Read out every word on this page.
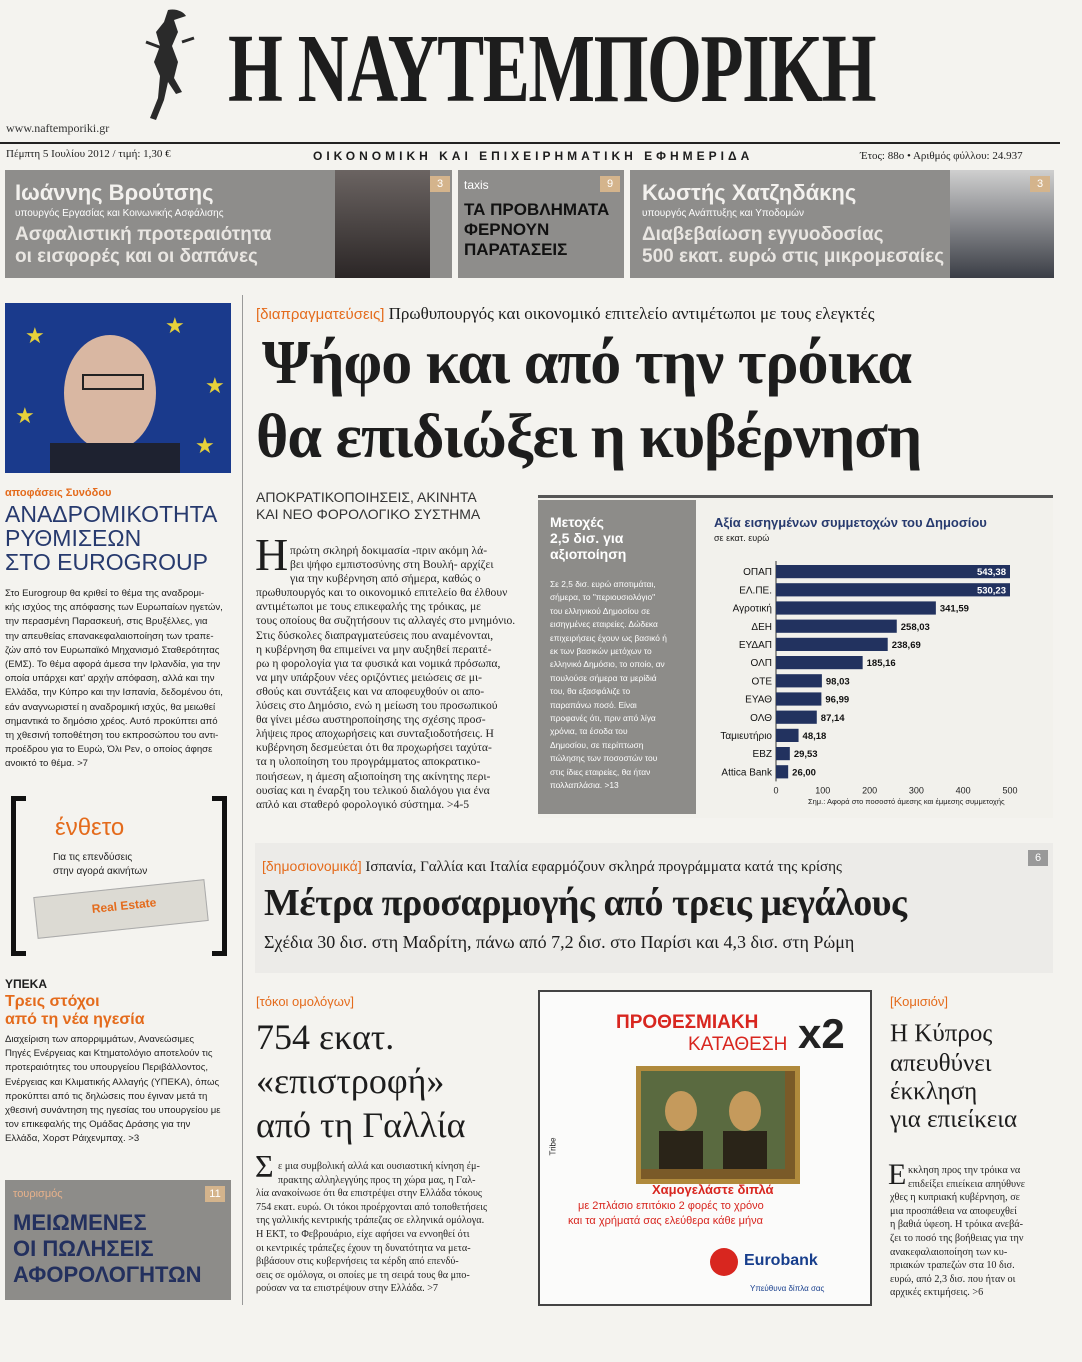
Η ΝΑΥΤΕΜΠΟΡΙΚΗ
www.naftemporiki.gr
Πέμπτη 5 Ιουλίου 2012 / τιμή: 1,30 €	ΟΙΚΟΝΟΜΙΚΗ ΚΑΙ ΕΠΙΧΕΙΡΗΜΑΤΙΚΗ ΕΦΗΜΕΡΙΔΑ	Έτος: 88ο • Αριθμός φύλλου: 24.937
Ιωάννης Βρούτσης
υπουργός Εργασίας και Κοινωνικής Ασφάλισης
Ασφαλιστική προτεραιότητα
οι εισφορές και οι δαπάνες
3	taxis
ΤΑ ΠΡΟΒΛΗΜΑΤΑ
ΦΕΡΝΟΥΝ
ΠΑΡΑΤΑΣΕΙΣ
9	Κωστής Χατζηδάκης
υπουργός Ανάπτυξης και Υποδομών
Διαβεβαίωση εγγυοδοσίας
500 εκατ. ευρώ στις μικρομεσαίες
3
★	★
★
★
★
αποφάσεις Συνόδου
ΑΝΑΔΡΟΜΙΚΟΤΗΤΑ
ΡΥΘΜΙΣΕΩΝ
ΣΤΟ EUROGROUP
Στο Eurogroup θα κριθεί το θέμα της αναδρομι-
κής ισχύος της απόφασης των Ευρωπαίων ηγετών,
την περασμένη Παρασκευή, στις Βρυξέλλες, για
την απευθείας επανακεφαλαιοποίηση των τραπε-
ζών από τον Ευρωπαϊκό Μηχανισμό Σταθερότητας
(ΕΜΣ). Το θέμα αφορά άμεσα την Ιρλανδία, για την
οποία υπάρχει κατ' αρχήν απόφαση, αλλά και την
Ελλάδα, την Κύπρο και την Ισπανία, δεδομένου ότι,
εάν αναγνωριστεί η αναδρομική ισχύς, θα μειωθεί
σημαντικά το δημόσιο χρέος. Αυτό προκύπτει από
τη χθεσινή τοποθέτηση του εκπροσώπου του αντι-
προέδρου για το Ευρώ, Όλι Ρεν, ο οποίος άφησε
ανοικτό το θέμα. >7
ένθετο
Για τις επενδύσεις
στην αγορά ακινήτων
Real Estate
ΥΠΕΚΑ
Τρεις στόχοι
από τη νέα ηγεσία
Διαχείριση των απορριμμάτων, Ανανεώσιμες
Πηγές Ενέργειας και Κτηματολόγιο αποτελούν τις
προτεραιότητες του υπουργείου Περιβάλλοντος,
Ενέργειας και Κλιματικής Αλλαγής (ΥΠΕΚΑ), όπως
προκύπτει από τις δηλώσεις που έγιναν μετά τη
χθεσινή συνάντηση της ηγεσίας του υπουργείου με
τον επικεφαλής της Ομάδας Δράσης για την
Ελλάδα, Χορστ Ράιχενμπαχ. >3
τουρισμός	11
ΜΕΙΩΜΕΝΕΣ
ΟΙ ΠΩΛΗΣΕΙΣ
ΑΦΟΡΟΛΟΓΗΤΩΝ
[διαπραγματεύσεις] Πρωθυπουργός και οικονομικό επιτελείο αντιμέτωποι με τους ελεγκτές
Ψήφο και από την τρόικα
θα επιδιώξει η κυβέρνηση
ΑΠΟΚΡΑΤΙΚΟΠΟΙΗΣΕΙΣ, ΑΚΙΝΗΤΑ
ΚΑΙ ΝΕΟ ΦΟΡΟΛΟΓΙΚΟ ΣΥΣΤΗΜΑ
Η πρώτη σκληρή δοκιμασία -πριν ακόμη λά-
βει ψήφο εμπιστοσύνης στη Βουλή- αρχίζει
για την κυβέρνηση από σήμερα, καθώς ο
πρωθυπουργός και το οικονομικό επιτελείο θα έλθουν
αντιμέτωποι με τους επικεφαλής της τρόικας, με
τους οποίους θα συζητήσουν τις αλλαγές στο μνημόνιο.
Στις δύσκολες διαπραγματεύσεις που αναμένονται,
η κυβέρνηση θα επιμείνει να μην αυξηθεί περαιτέ-
ρω η φορολογία για τα φυσικά και νομικά πρόσωπα,
να μην υπάρξουν νέες οριζόντιες μειώσεις σε μι-
σθούς και συντάξεις και να αποφευχθούν οι απο-
λύσεις στο Δημόσιο, ενώ η μείωση του προσωπικού
θα γίνει μέσω αυστηροποίησης της σχέσης προσ-
λήψεις προς αποχωρήσεις και συνταξιοδοτήσεις. Η
κυβέρνηση δεσμεύεται ότι θα προχωρήσει ταχύτα-
τα η υλοποίηση του προγράμματος αποκρατικο-
ποιήσεων, η άμεση αξιοποίηση της ακίνητης περι-
ουσίας και η έναρξη του τελικού διαλόγου για ένα
απλό και σταθερό φορολογικό σύστημα. >4-5
Μετοχές
2,5 δισ. για
αξιοποίηση
Σε 2,5 δισ. ευρώ αποτιμάται,
σήμερα, το "περιουσιολόγιο"
του ελληνικού Δημοσίου σε
εισηγμένες εταιρείες. Δώδεκα
επιχειρήσεις έχουν ως βασικό ή
εκ των βασικών μετόχων το
ελληνικό Δημόσιο, το οποίο, αν
πουλούσε σήμερα τα μερίδιά
του, θα εξασφάλιζε το
παραπάνω ποσό. Είναι
προφανές ότι, πριν από λίγα
χρόνια, τα έσοδα του
Δημοσίου, σε περίπτωση
πώλησης των ποσοστών του
στις ίδιες εταιρείες, θα ήταν
πολλαπλάσια. >13
Αξία εισηγμένων συμμετοχών του Δημοσίου
σε εκατ. ευρώ
ΟΠΑΠ	543,38
ΕΛ.ΠΕ.	530,23
Αγροτική	341,59
ΔΕΗ	258,03
ΕΥΔΑΠ	238,69
ΟΛΠ	185,16
ΟΤΕ	98,03
ΕΥΑΘ	96,99
ΟΛΘ	87,14
Ταμιευτήριο	48,18
ΕΒΖ 29,53
Attica Bank 26,00
0	100	200	300	400	500
Σημ.: Αφορά στο ποσοστό άμεσης και έμμεσης συμμετοχής
[δημοσιονομικά] Ισπανία, Γαλλία και Ιταλία εφαρμόζουν σκληρά προγράμματα κατά της κρίσης
6
Μέτρα προσαρμογής από τρεις μεγάλους
Σχέδια 30 δισ. στη Μαδρίτη, πάνω από 7,2 δισ. στο Παρίσι και 4,3 δισ. στη Ρώμη
[τόκοι ομολόγων]
754 εκατ.
«επιστροφή»
από τη Γαλλία
Σ ε μια συμβολική αλλά και ουσιαστική κίνηση έμ-
πρακτης αλληλεγγύης προς τη χώρα μας, η Γαλ-
λία ανακοίνωσε ότι θα επιστρέψει στην Ελλάδα τόκους
754 εκατ. ευρώ. Οι τόκοι προέρχονται από τοποθετήσεις
της γαλλικής κεντρικής τράπεζας σε ελληνικά ομόλογα.
Η ΕΚΤ, το Φεβρουάριο, είχε αφήσει να εννοηθεί ότι
οι κεντρικές τράπεζες έχουν τη δυνατότητα να μετα-
βιβάσουν στις κυβερνήσεις τα κέρδη από επενδύ-
σεις σε ομόλογα, οι οποίες με τη σειρά τους θα μπο-
ρούσαν να τα επιστρέψουν στην Ελλάδα. >7
ΠΡΟΘΕΣΜΙΑΚΗ
ΚΑΤΑΘΕΣΗ x2
Tribe
Χαμογελάστε διπλά
με 2πλάσιο επιτόκιο 2 φορές το χρόνο
και τα χρήματά σας ελεύθερα κάθε μήνα
Eurobank
Υπεύθυνα δίπλα σας
[Κομισιόν]
Η Κύπρος
απευθύνει
έκκληση
για επιείκεια
Ε κκληση προς την τρόικα να
επιδείξει επιείκεια απηύθυνε
χθες η κυπριακή κυβέρνηση, σε
μια προσπάθεια να αποφευχθεί
η βαθιά ύφεση. Η τρόικα ανεβά-
ζει το ποσό της βοήθειας για την
ανακεφαλαιοποίηση των κυ-
πριακών τραπεζών στα 10 δισ.
ευρώ, από 2,3 δισ. που ήταν οι
αρχικές εκτιμήσεις. >6
